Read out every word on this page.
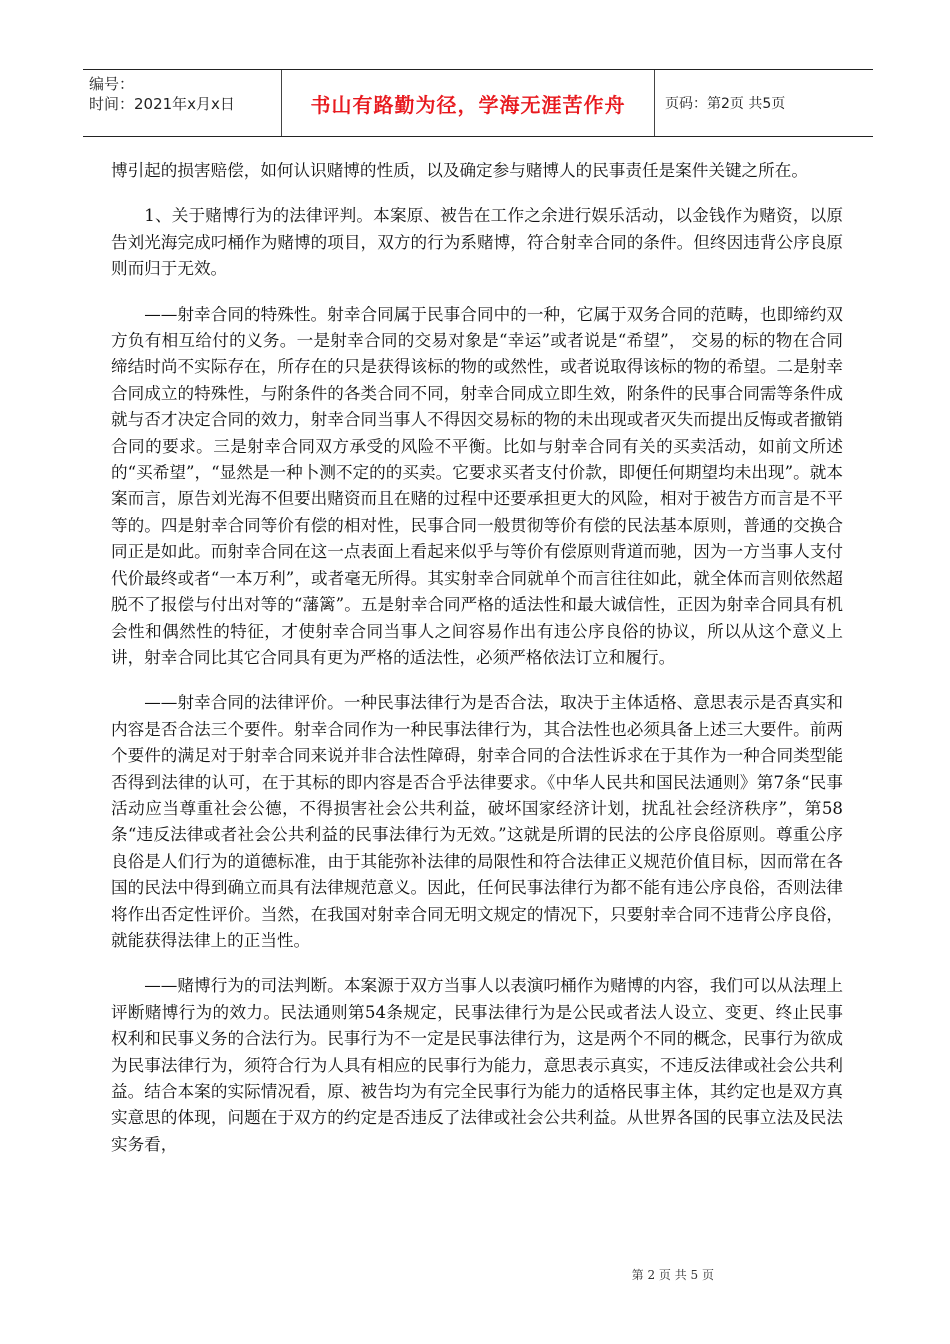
编号：
时间：2021年x月x日	书山有路勤为径，学海无涯苦作舟	页码：第2页 共5页

博引起的损害赔偿，如何认识赌博的性质，以及确定参与赌博人的民事责任是案件关键之所在。

1、关于赌博行为的法律评判。本案原、被告在工作之余进行娱乐活动，以金钱作为赌资，以原告刘光海完成叼桶作为赌博的项目，双方的行为系赌博，符合射幸合同的条件。但终因违背公序良原则而归于无效。

——射幸合同的特殊性。射幸合同属于民事合同中的一种，它属于双务合同的范畴，也即缔约双方负有相互给付的义务。一是射幸合同的交易对象是“幸运”或者说是“希望”， 交易的标的物在合同缔结时尚不实际存在，所存在的只是获得该标的物的或然性，或者说取得该标的物的希望。二是射幸合同成立的特殊性，与附条件的各类合同不同，射幸合同成立即生效，附条件的民事合同需等条件成就与否才决定合同的效力，射幸合同当事人不得因交易标的物的未出现或者灭失而提出反悔或者撤销合同的要求。三是射幸合同双方承受的风险不平衡。比如与射幸合同有关的买卖活动，如前文所述的“买希望”，“显然是一种卜测不定的的买卖。它要求买者支付价款，即便任何期望均未出现”。就本案而言，原告刘光海不但要出赌资而且在赌的过程中还要承担更大的风险，相对于被告方而言是不平等的。四是射幸合同等价有偿的相对性，民事合同一般贯彻等价有偿的民法基本原则，普通的交换合同正是如此。而射幸合同在这一点表面上看起来似乎与等价有偿原则背道而驰，因为一方当事人支付代价最终或者“一本万利”，或者毫无所得。其实射幸合同就单个而言往往如此，就全体而言则依然超脱不了报偿与付出对等的“藩篱”。五是射幸合同严格的适法性和最大诚信性，正因为射幸合同具有机会性和偶然性的特征，才使射幸合同当事人之间容易作出有违公序良俗的协议，所以从这个意义上讲，射幸合同比其它合同具有更为严格的适法性，必须严格依法订立和履行。

——射幸合同的法律评价。一种民事法律行为是否合法，取决于主体适格、意思表示是否真实和内容是否合法三个要件。射幸合同作为一种民事法律行为，其合法性也必须具备上述三大要件。前两个要件的满足对于射幸合同来说并非合法性障碍，射幸合同的合法性诉求在于其作为一种合同类型能否得到法律的认可，在于其标的即内容是否合乎法律要求。《中华人民共和国民法通则》第7条“民事活动应当尊重社会公德，不得损害社会公共利益，破坏国家经济计划，扰乱社会经济秩序”，第58条“违反法律或者社会公共利益的民事法律行为无效。”这就是所谓的民法的公序良俗原则。尊重公序良俗是人们行为的道德标准，由于其能弥补法律的局限性和符合法律正义规范价值目标，因而常在各国的民法中得到确立而具有法律规范意义。因此，任何民事法律行为都不能有违公序良俗，否则法律将作出否定性评价。当然，在我国对射幸合同无明文规定的情况下，只要射幸合同不违背公序良俗，就能获得法律上的正当性。

——赌博行为的司法判断。本案源于双方当事人以表演叼桶作为赌博的内容，我们可以从法理上评断赌博行为的效力。民法通则第54条规定，民事法律行为是公民或者法人设立、变更、终止民事权利和民事义务的合法行为。民事行为不一定是民事法律行为，这是两个不同的概念，民事行为欲成为民事法律行为，须符合行为人具有相应的民事行为能力，意思表示真实，不违反法律或社会公共利益。结合本案的实际情况看，原、被告均为有完全民事行为能力的适格民事主体，其约定也是双方真实意思的体现，问题在于双方的约定是否违反了法律或社会公共利益。从世界各国的民事立法及民法实务看，

第 2 页 共 5 页
